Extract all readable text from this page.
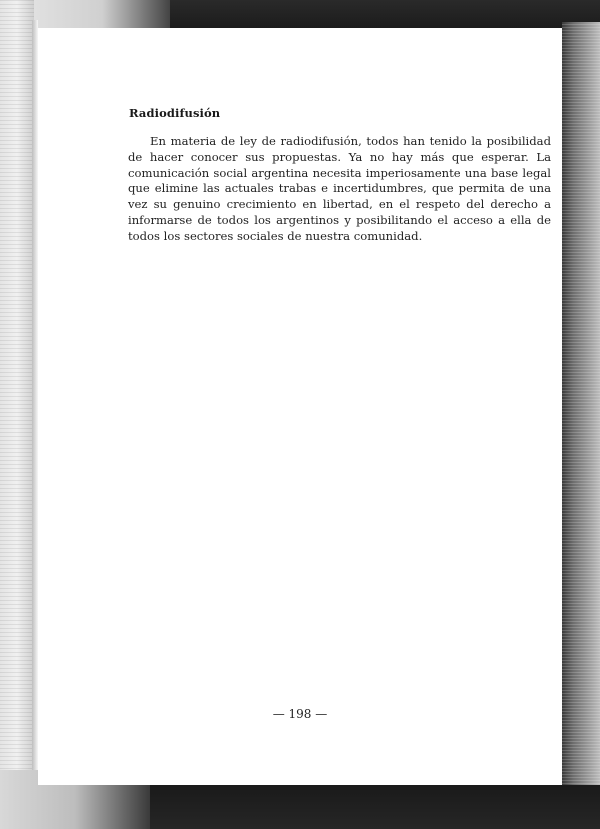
Radiodifusión

En materia de ley de radiodifusión, todos han tenido la posibilidad de hacer conocer sus propuestas. Ya no hay más que esperar. La comunicación social argentina necesita imperiosamente una base legal que elimine las actuales trabas e incertidumbres, que permita de una vez su genuino crecimiento en libertad, en el respeto del derecho a informarse de todos los argentinos y posibilitando el acceso a ella de todos los sectores sociales de nuestra comunidad.

— 198 —
